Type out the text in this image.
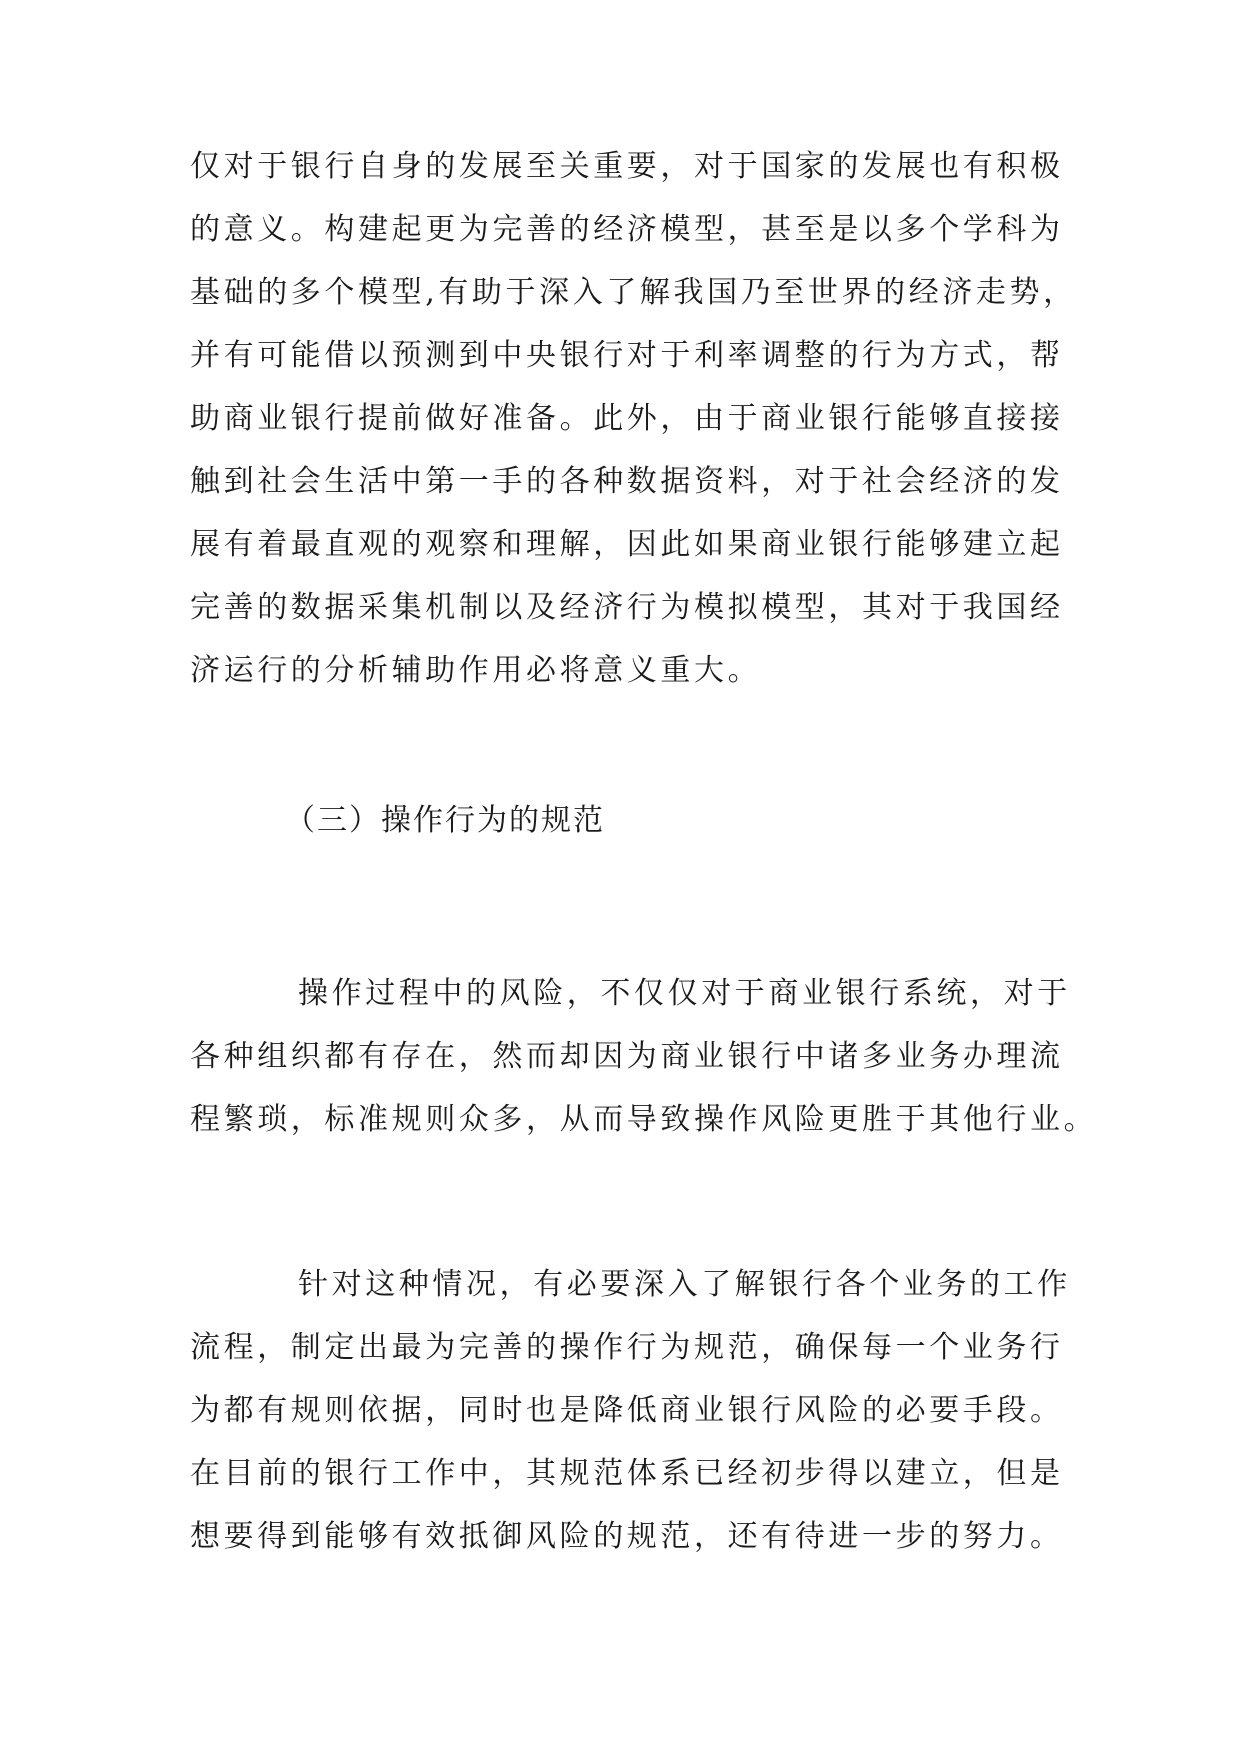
仅对于银行自身的发展至关重要，对于国家的发展也有积极
的意义。构建起更为完善的经济模型，甚至是以多个学科为
基础的多个模型,有助于深入了解我国乃至世界的经济走势，
并有可能借以预测到中央银行对于利率调整的行为方式，帮
助商业银行提前做好准备。此外，由于商业银行能够直接接
触到社会生活中第一手的各种数据资料，对于社会经济的发
展有着最直观的观察和理解，因此如果商业银行能够建立起
完善的数据采集机制以及经济行为模拟模型，其对于我国经
济运行的分析辅助作用必将意义重大。
（三）操作行为的规范
操作过程中的风险，不仅仅对于商业银行系统，对于
各种组织都有存在，然而却因为商业银行中诸多业务办理流
程繁琐，标准规则众多，从而导致操作风险更胜于其他行业。
针对这种情况，有必要深入了解银行各个业务的工作
流程，制定出最为完善的操作行为规范，确保每一个业务行
为都有规则依据，同时也是降低商业银行风险的必要手段。
在目前的银行工作中，其规范体系已经初步得以建立，但是
想要得到能够有效抵御风险的规范，还有待进一步的努力。
